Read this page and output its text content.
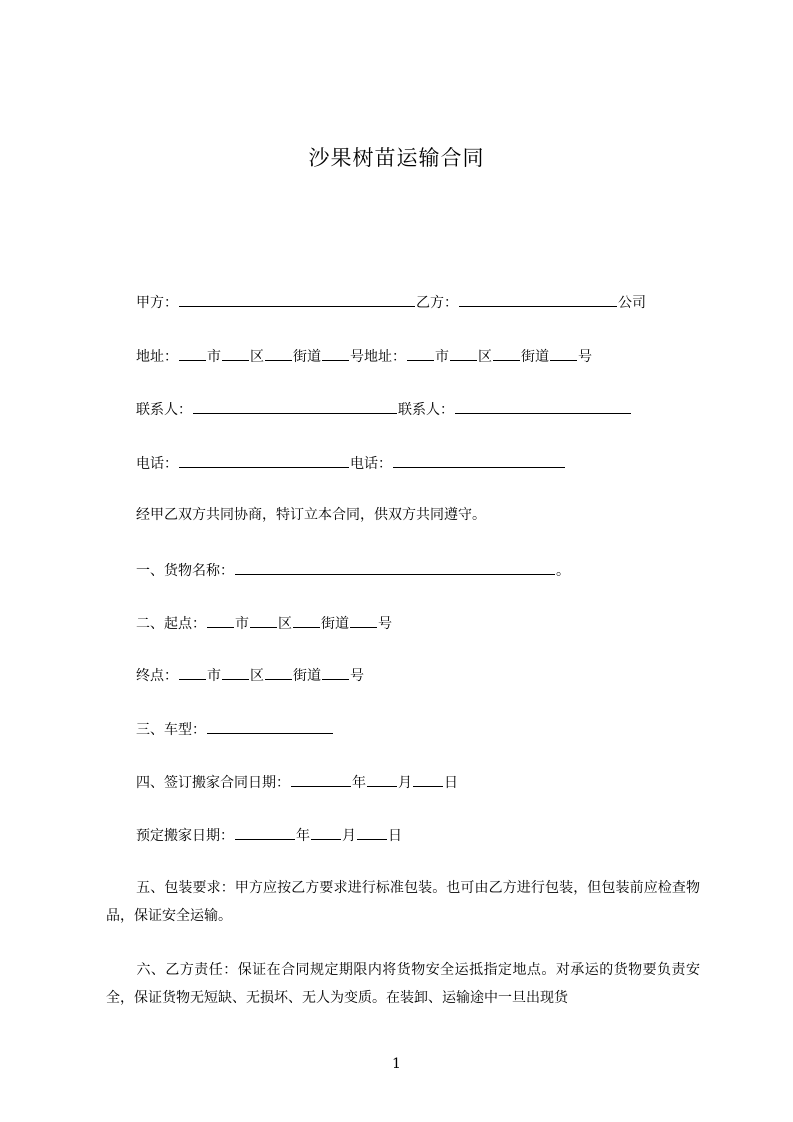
沙果树苗运输合同
甲方：	乙方：	公司
地址： 市 区 街道 号地址： 市 区 街道 号
联系人：	联系人：
电话：	电话：
经甲乙双方共同协商，特订立本合同，供双方共同遵守。
一、货物名称：	。
二、起点： 市 区 街道 号
终点： 市 区 街道 号
三、车型：
四、签订搬家合同日期：	年 月 日
预定搬家日期：	年 月 日
五、包装要求：甲方应按乙方要求进行标准包装。也可由乙方进行包装，但包装前应检查物品，保证安全运输。
六、乙方责任：保证在合同规定期限内将货物安全运抵指定地点。对承运的货物要负责安全，保证货物无短缺、无损坏、无人为变质。在装卸、运输途中一旦出现货
1
